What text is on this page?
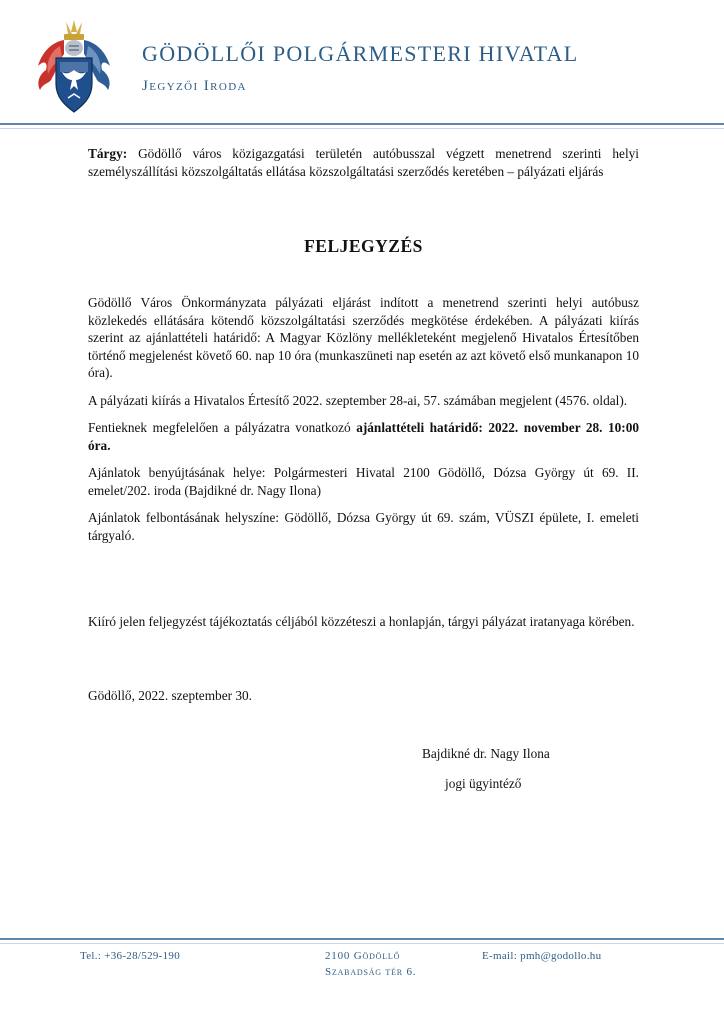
GÖDÖLLŐI POLGÁRMESTERI HIVATAL
Jegyzői Iroda

Tárgy: Gödöllő város közigazgatási területén autóbusszal végzett menetrend szerinti helyi személyszállítási közszolgáltatás ellátása közszolgáltatási szerződés keretében – pályázati eljárás

FELJEGYZÉS

Gödöllő Város Önkormányzata pályázati eljárást indított a menetrend szerinti helyi autóbusz közlekedés ellátására kötendő közszolgáltatási szerződés megkötése érdekében. A pályázati kiírás szerint az ajánlattételi határidő: A Magyar Közlöny mellékleteként megjelenő Hivatalos Értesítőben történő megjelenést követő 60. nap 10 óra (munkaszüneti nap esetén az azt követő első munkanapon 10 óra).

A pályázati kiírás a Hivatalos Értesítő 2022. szeptember 28-ai, 57. számában megjelent (4576. oldal).

Fentieknek megfelelően a pályázatra vonatkozó ajánlattételi határidő: 2022. november 28. 10:00 óra.

Ajánlatok benyújtásának helye: Polgármesteri Hivatal 2100 Gödöllő, Dózsa György út 69. II. emelet/202. iroda (Bajdikné dr. Nagy Ilona)

Ajánlatok felbontásának helyszíne: Gödöllő, Dózsa György út 69. szám, VÜSZI épülete, I. emeleti tárgyaló.

Kiíró jelen feljegyzést tájékoztatás céljából közzéteszi a honlapján, tárgyi pályázat iratanyaga körében.

Gödöllő, 2022. szeptember 30.

Bajdikné dr. Nagy Ilona

jogi ügyintéző

Tel.: +36-28/529-190	2100 Gödöllő
Szabadság tér 6.
E-mail: pmh@godollo.hu
